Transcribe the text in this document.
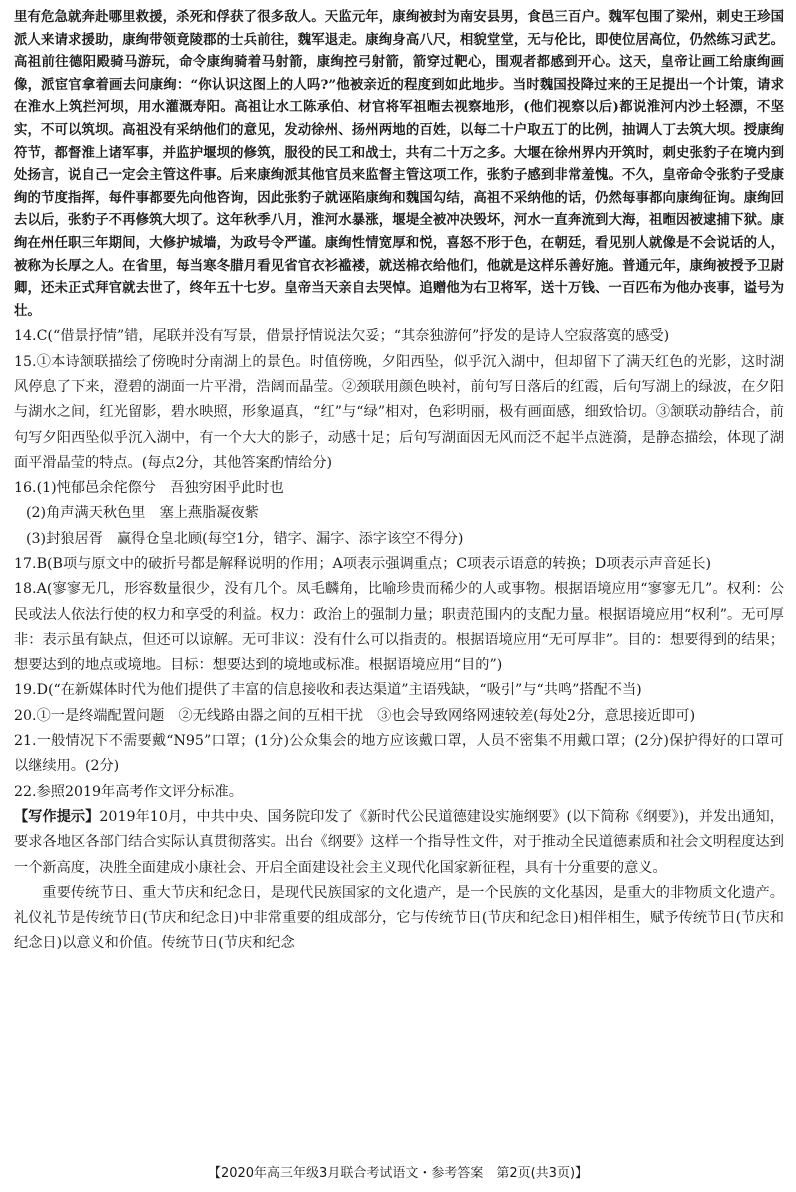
里有危急就奔赴哪里救援，杀死和俘获了很多敌人。天监元年，康绚被封为南安县男，食邑三百户。魏军包围了梁州，刺史王珍国派人来请求援助，康绚带领竟陵郡的士兵前往，魏军退走。康绚身高八尺，相貌堂堂，无与伦比，即使位居高位，仍然练习武艺。高祖前往德阳殿骑马游玩，命令康绚骑着马射箭，康绚控弓射箭，箭穿过靶心，围观者都感到开心。这天，皇帝让画工给康绚画像，派宦官拿着画去问康绚：“你认识这图上的人吗?”他被亲近的程度到如此地步。当时魏国投降过来的王足提出一个计策，请求在淮水上筑拦河坝，用水灌溉寿阳。高祖让水工陈承伯、材官将军祖暅去视察地形，(他们视察以后)都说淮河内沙土轻漂，不坚实，不可以筑坝。高祖没有采纳他们的意见，发动徐州、扬州两地的百姓，以每二十户取五丁的比例，抽调人丁去筑大坝。授康绚符节，都督淮上诸军事，并监护堰坝的修筑，服役的民工和战士，共有二十万之多。大堰在徐州界内开筑时，刺史张豹子在境内到处扬言，说自己一定会主管这件事。后来康绚派其他官员来监督主管这项工作，张豹子感到非常羞愧。不久，皇帝命令张豹子受康绚的节度指挥，每件事都要先向他咨询，因此张豹子就诬陷康绚和魏国勾结，高祖不采纳他的话，仍然每事都向康绚征询。康绚回去以后，张豹子不再修筑大坝了。这年秋季八月，淮河水暴涨，堰堤全被冲决毁坏，河水一直奔流到大海，祖暅因被逮捕下狱。康绚在州任职三年期间，大修护城墙，为政号令严谨。康绚性情宽厚和悦，喜怒不形于色，在朝廷，看见别人就像是不会说话的人，被称为长厚之人。在省里，每当寒冬腊月看见省官衣衫褴褛，就送棉衣给他们，他就是这样乐善好施。普通元年，康绚被授予卫尉卿，还未正式拜官就去世了，终年五十七岁。皇帝当天亲自去哭悼。追赠他为右卫将军，送十万钱、一百匹布为他办丧事，谥号为壮。

14.C(“借景抒情”错，尾联并没有写景，借景抒情说法欠妥；“其奈独游何”抒发的是诗人空寂落寞的感受)

15.①本诗颔联描绘了傍晚时分南湖上的景色。时值傍晚，夕阳西坠，似乎沉入湖中，但却留下了满天红色的光影，这时湖风停息了下来，澄碧的湖面一片平滑，浩阔而晶莹。②颈联用颜色映衬，前句写日落后的红霞，后句写湖上的绿波，在夕阳与湖水之间，红光留影，碧水映照，形象逼真，“红”与“绿”相对，色彩明丽，极有画面感，细致恰切。③颔联动静结合，前句写夕阳西坠似乎沉入湖中，有一个大大的影子，动感十足；后句写湖面因无风而泛不起半点涟漪，是静态描绘，体现了湖面平滑晶莹的特点。(每点2分，其他答案酌情给分)

16.(1)忳郁邑余侘傺兮　吾独穷困乎此时也

(2)角声满天秋色里　塞上燕脂凝夜紫

(3)封狼居胥　赢得仓皇北顾(每空1分，错字、漏字、添字该空不得分)

17.B(B项与原文中的破折号都是解释说明的作用；A项表示强调重点；C项表示语意的转换；D项表示声音延长)

18.A(寥寥无几，形容数量很少，没有几个。凤毛麟角，比喻珍贵而稀少的人或事物。根据语境应用“寥寥无几”。权利：公民或法人依法行使的权力和享受的利益。权力：政治上的强制力量；职责范围内的支配力量。根据语境应用“权利”。无可厚非：表示虽有缺点，但还可以谅解。无可非议：没有什么可以指责的。根据语境应用“无可厚非”。目的：想要得到的结果；想要达到的地点或境地。目标：想要达到的境地或标准。根据语境应用“目的”)

19.D(“在新媒体时代为他们提供了丰富的信息接收和表达渠道”主语残缺，“吸引”与“共鸣”搭配不当)

20.①一是终端配置问题　②无线路由器之间的互相干扰　③也会导致网络网速较差(每处2分，意思接近即可)

21.一般情况下不需要戴“N95”口罩；(1分)公众集会的地方应该戴口罩，人员不密集不用戴口罩；(2分)保护得好的口罩可以继续用。(2分)

22.参照2019年高考作文评分标准。

【写作提示】2019年10月，中共中央、国务院印发了《新时代公民道德建设实施纲要》(以下简称《纲要》)，并发出通知，要求各地区各部门结合实际认真贯彻落实。出台《纲要》这样一个指导性文件，对于推动全民道德素质和社会文明程度达到一个新高度，决胜全面建成小康社会、开启全面建设社会主义现代化国家新征程，具有十分重要的意义。

重要传统节日、重大节庆和纪念日，是现代民族国家的文化遗产，是一个民族的文化基因，是重大的非物质文化遗产。礼仪礼节是传统节日(节庆和纪念日)中非常重要的组成部分，它与传统节日(节庆和纪念日)相伴相生，赋予传统节日(节庆和纪念日)以意义和价值。传统节日(节庆和纪念

【2020年高三年级3月联合考试语文・参考答案　第2页(共3页)】
